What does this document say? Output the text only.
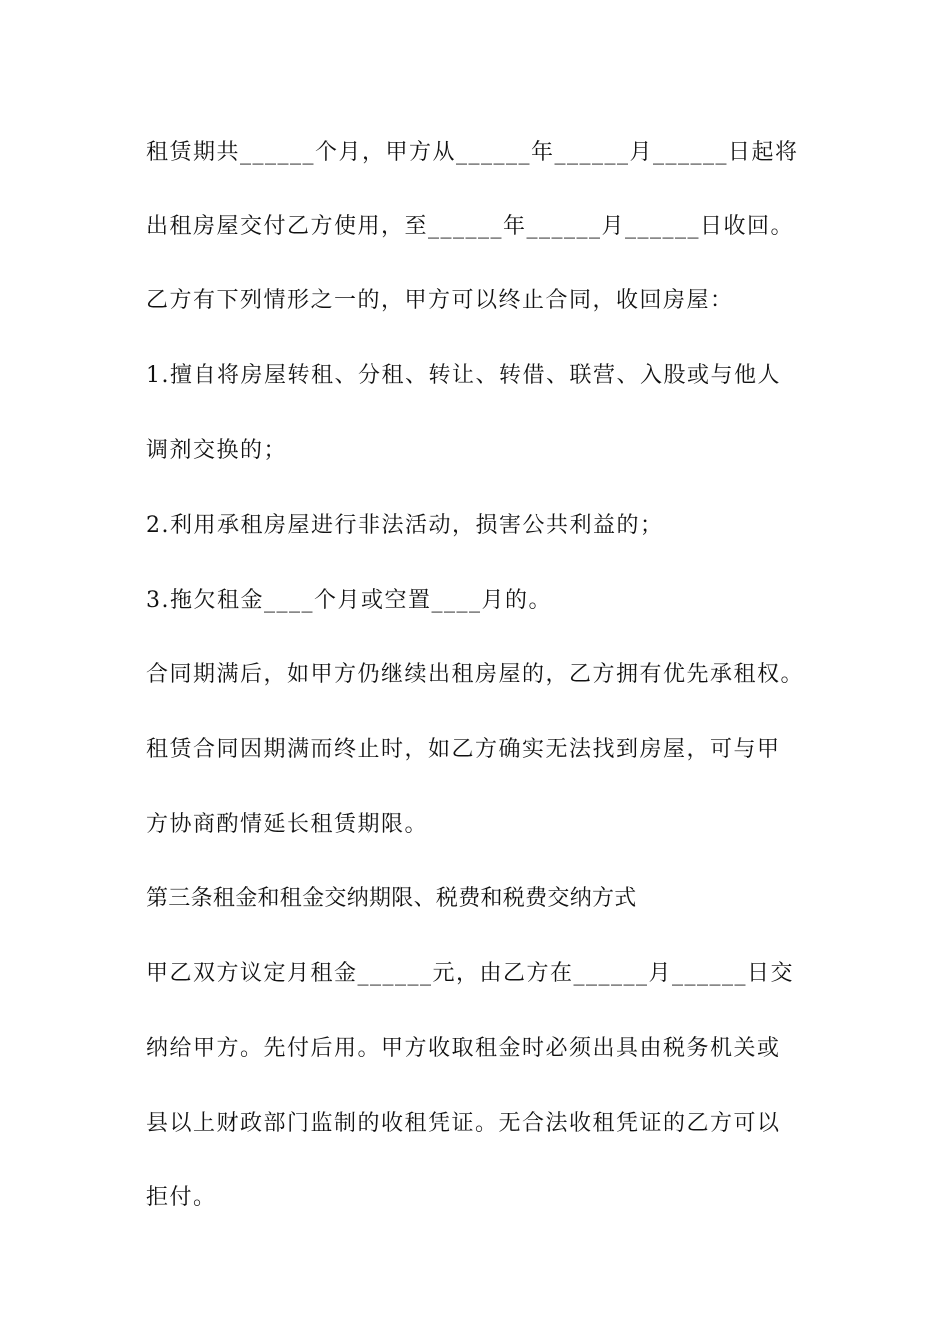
租赁期共______个月，甲方从______年______月______日起将
出租房屋交付乙方使用，至______年______月______日收回。
乙方有下列情形之一的，甲方可以终止合同，收回房屋：
1.擅自将房屋转租、分租、转让、转借、联营、入股或与他人
调剂交换的；
2.利用承租房屋进行非法活动，损害公共利益的；
3.拖欠租金____个月或空置____月的。
合同期满后，如甲方仍继续出租房屋的，乙方拥有优先承租权。
租赁合同因期满而终止时，如乙方确实无法找到房屋，可与甲
方协商酌情延长租赁期限。
第三条租金和租金交纳期限、税费和税费交纳方式
甲乙双方议定月租金______元，由乙方在______月______日交
纳给甲方。先付后用。甲方收取租金时必须出具由税务机关或
县以上财政部门监制的收租凭证。无合法收租凭证的乙方可以
拒付。
